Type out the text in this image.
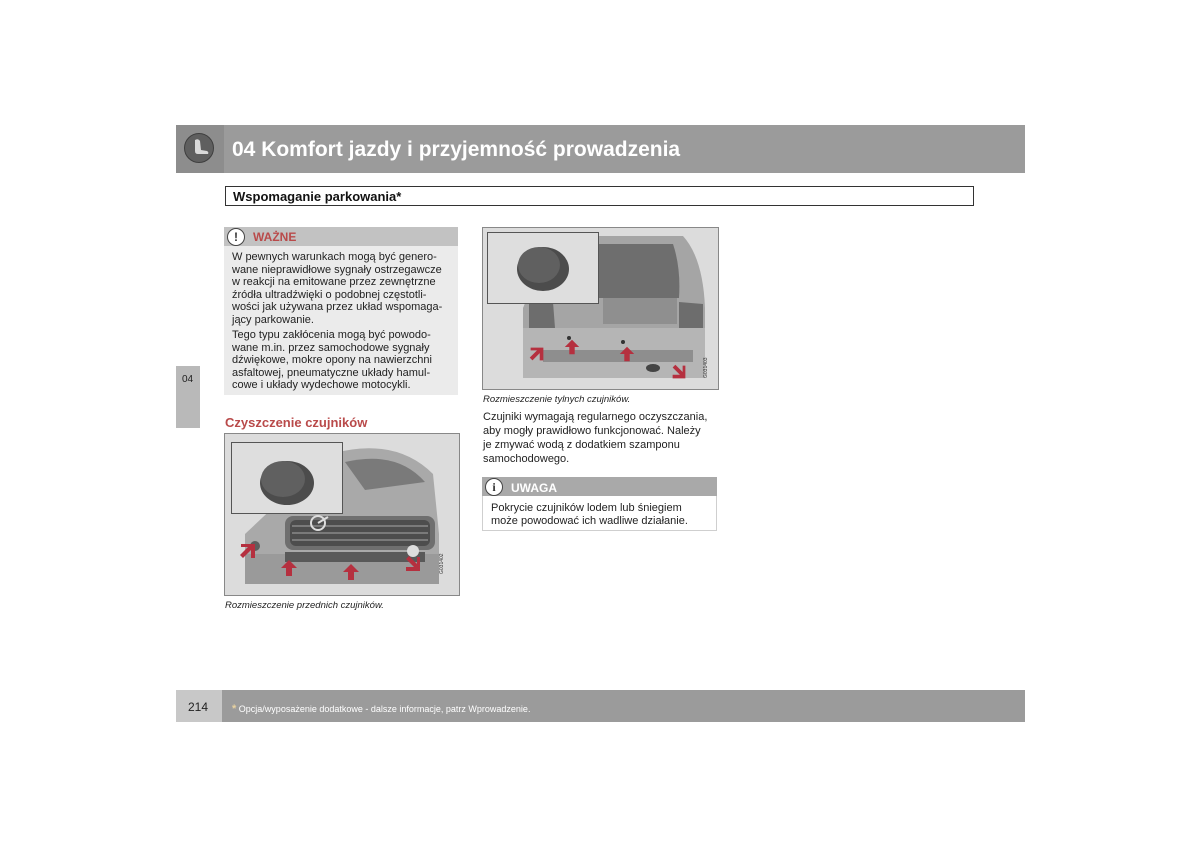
04 Komfort jazdy i przyjemność prowadzenia
Wspomaganie parkowania*
04
!	WAŻNE
W pewnych warunkach mogą być genero-
wane nieprawidłowe sygnały ostrzegawcze
w reakcji na emitowane przez zewnętrzne
źródła ultradźwięki o podobnej częstotli-
wości jak używana przez układ wspomaga-
jący parkowanie.
Tego typu zakłócenia mogą być powodo-
wane m.in. przez samochodowe sygnały
dźwiękowe, mokre opony na nawierzchni
asfaltowej, pneumatyczne układy hamul-
cowe i układy wydechowe motocykli.
Czyszczenie czujników
G031402
Rozmieszczenie przednich czujników.
G031403
Rozmieszczenie tylnych czujników.
Czujniki wymagają regularnego oczyszczania,
aby mogły prawidłowo funkcjonować. Należy
je zmywać wodą z dodatkiem szamponu
samochodowego.
i	UWAGA
Pokrycie czujników lodem lub śniegiem
może powodować ich wadliwe działanie.
214 * Opcja/wyposażenie dodatkowe - dalsze informacje, patrz Wprowadzenie.
